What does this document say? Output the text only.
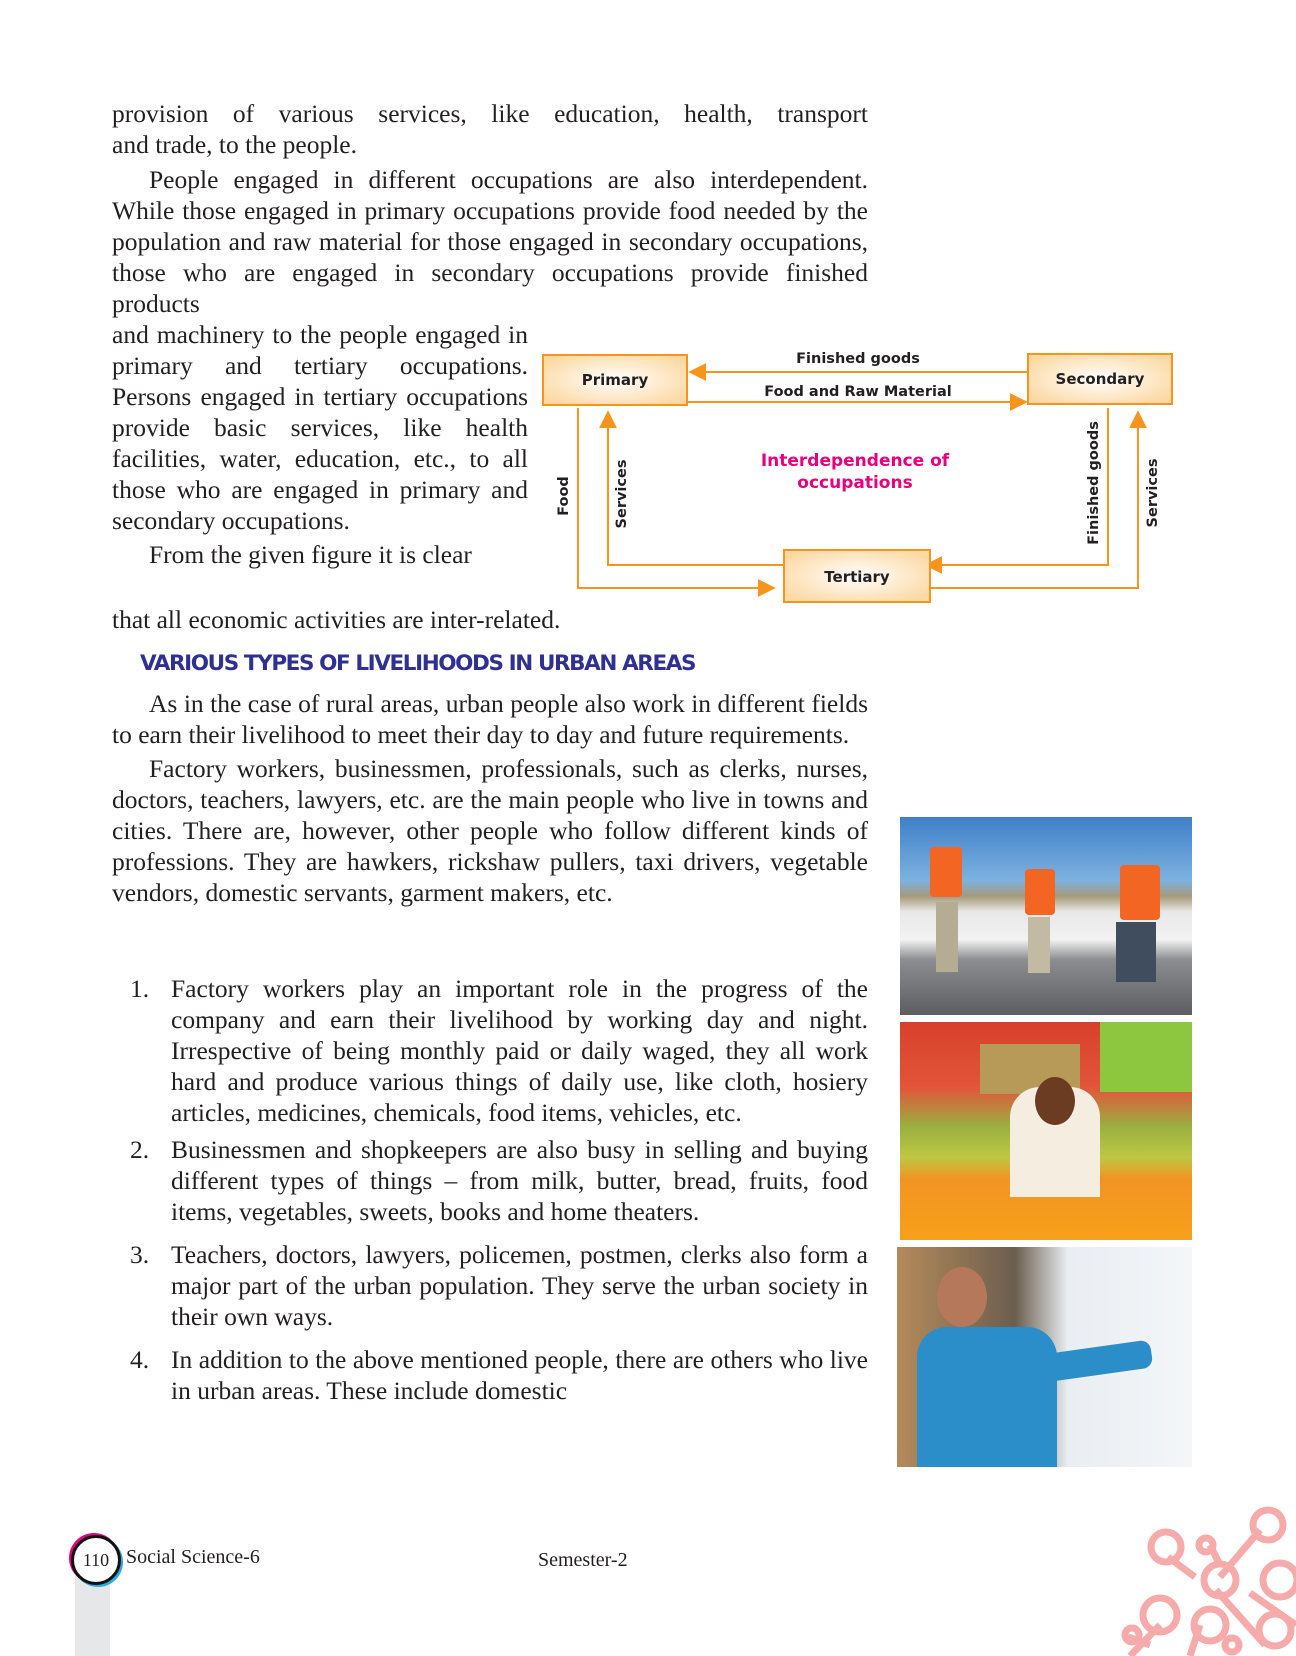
provision of various services, like education, health, transport

and trade, to the people.

People engaged in different occupations are also interdependent. While those engaged in primary occupations provide food needed by the population and raw material for those engaged in secondary occupations, those who are engaged in secondary occupations provide finished products

and machinery to the people engaged in primary and tertiary occupations. Persons engaged in tertiary occupations provide basic services, like health facilities, water, education, etc., to all those who are engaged in primary and secondary occupations.

From the given figure it is clear

that all economic activities are inter-related.

Primary	Secondary
Tertiary
Finished goods
Food and Raw Material
Food	Services	Finished goods	Services
Interdependence of
occupations
VARIOUS TYPES OF LIVELIHOODS IN URBAN AREAS

As in the case of rural areas, urban people also work in different fields to earn their livelihood to meet their day to day and future requirements.

Factory workers, businessmen, professionals, such as clerks, nurses, doctors, teachers, lawyers, etc. are the main people who live in towns and cities. There are, however, other people who follow different kinds of professions. They are hawkers, rickshaw pullers, taxi drivers, vegetable vendors, domestic servants, garment makers, etc.

1. Factory workers play an important role in the progress of the company and earn their livelihood by working day and night. Irrespective of being monthly paid or daily waged, they all work hard and produce various things of daily use, like cloth, hosiery articles, medicines, chemicals, food items, vehicles, etc.
2. Businessmen and shopkeepers are also busy in selling and buying different types of things – from milk, butter, bread, fruits, food items, vegetables, sweets, books and home theaters.
3. Teachers, doctors, lawyers, policemen, postmen, clerks also form a major part of the urban population. They serve the urban society in their own ways.
4. In addition to the above mentioned people, there are others who live in urban areas. These include domestic
110 Social Science-6	Semester-2
